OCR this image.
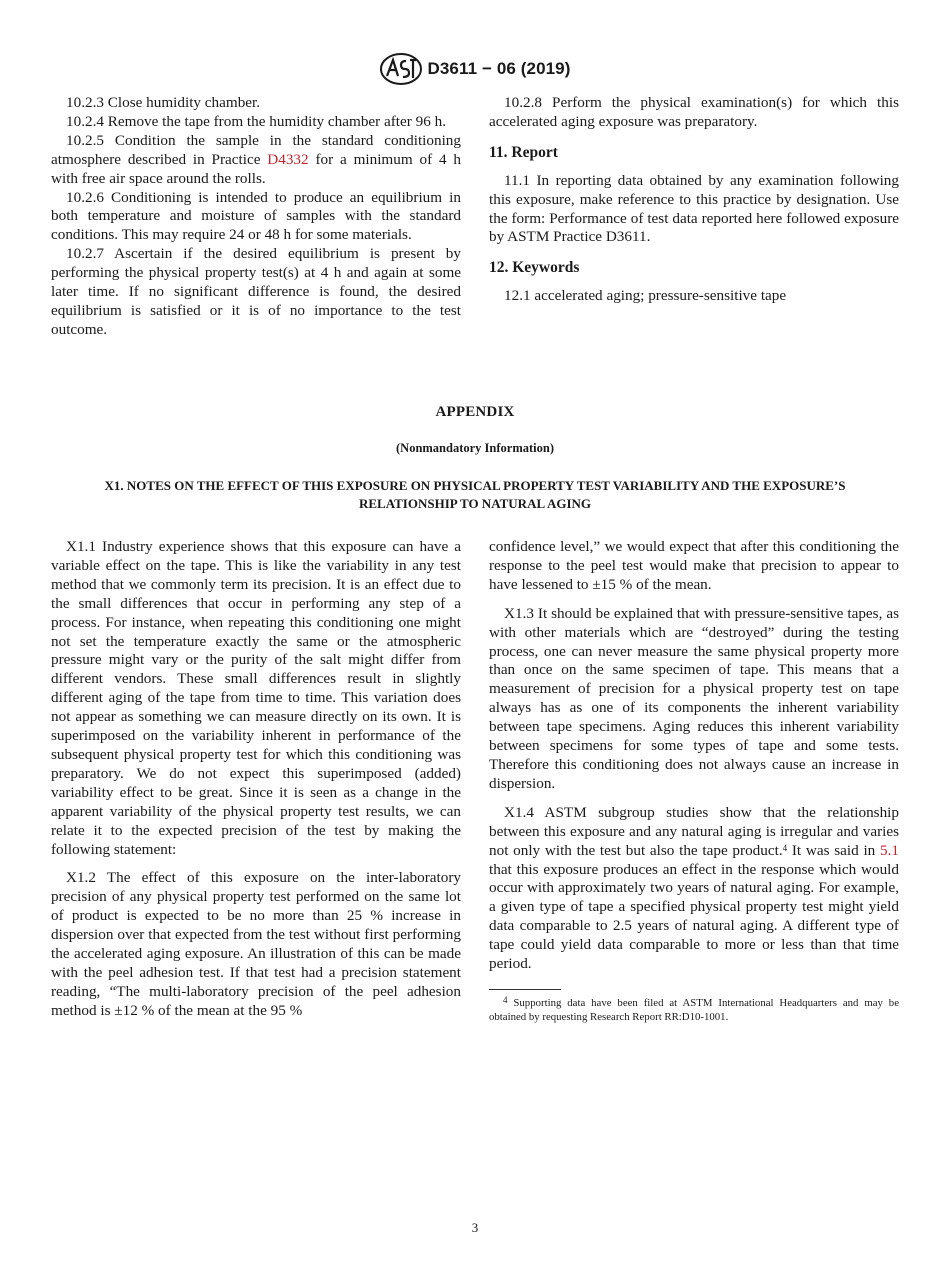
D3611 − 06 (2019)

10.2.3 Close humidity chamber.

10.2.4 Remove the tape from the humidity chamber after 96 h.

10.2.5 Condition the sample in the standard conditioning atmosphere described in Practice D4332 for a minimum of 4 h with free air space around the rolls.

10.2.6 Conditioning is intended to produce an equilibrium in both temperature and moisture of samples with the standard conditions. This may require 24 or 48 h for some materials.

10.2.7 Ascertain if the desired equilibrium is present by performing the physical property test(s) at 4 h and again at some later time. If no significant difference is found, the desired equilibrium is satisfied or it is of no importance to the test outcome.

10.2.8 Perform the physical examination(s) for which this accelerated aging exposure was preparatory.

11. Report

11.1 In reporting data obtained by any examination following this exposure, make reference to this practice by designation. Use the form: Performance of test data reported here followed exposure by ASTM Practice D3611.

12. Keywords

12.1 accelerated aging; pressure-sensitive tape

APPENDIX
(Nonmandatory Information)
X1. NOTES ON THE EFFECT OF THIS EXPOSURE ON PHYSICAL PROPERTY TEST VARIABILITY AND THE EXPOSURE’S RELATIONSHIP TO NATURAL AGING

X1.1 Industry experience shows that this exposure can have a variable effect on the tape. This is like the variability in any test method that we commonly term its precision. It is an effect due to the small differences that occur in performing any step of a process. For instance, when repeating this conditioning one might not set the temperature exactly the same or the atmospheric pressure might vary or the purity of the salt might differ from different vendors. These small differences result in slightly different aging of the tape from time to time. This variation does not appear as something we can measure directly on its own. It is superimposed on the variability inherent in performance of the subsequent physical property test for which this conditioning was preparatory. We do not expect this superimposed (added) variability effect to be great. Since it is seen as a change in the apparent variability of the physical property test results, we can relate it to the expected precision of the test by making the following statement:

X1.2 The effect of this exposure on the inter-laboratory precision of any physical property test performed on the same lot of product is expected to be no more than 25 % increase in dispersion over that expected from the test without first performing the accelerated aging exposure. An illustration of this can be made with the peel adhesion test. If that test had a precision statement reading, “The multi-laboratory precision of the peel adhesion method is ±12 % of the mean at the 95 %

confidence level,” we would expect that after this conditioning the response to the peel test would make that precision to appear to have lessened to ±15 % of the mean.

X1.3 It should be explained that with pressure-sensitive tapes, as with other materials which are “destroyed” during the testing process, one can never measure the same physical property more than once on the same specimen of tape. This means that a measurement of precision for a physical property test on tape always has as one of its components the inherent variability between tape specimens. Aging reduces this inherent variability between specimens for some types of tape and some tests. Therefore this conditioning does not always cause an increase in dispersion.

X1.4 ASTM subgroup studies show that the relationship between this exposure and any natural aging is irregular and varies not only with the test but also the tape product.$^4$ It was said in 5.1 that this exposure produces an effect in the response which would occur with approximately two years of natural aging. For example, a given type of tape a specified physical property test might yield data comparable to 2.5 years of natural aging. A different type of tape could yield data comparable to more or less than that time period.

$^4$ Supporting data have been filed at ASTM International Headquarters and may be obtained by requesting Research Report RR:D10-1001.
3
